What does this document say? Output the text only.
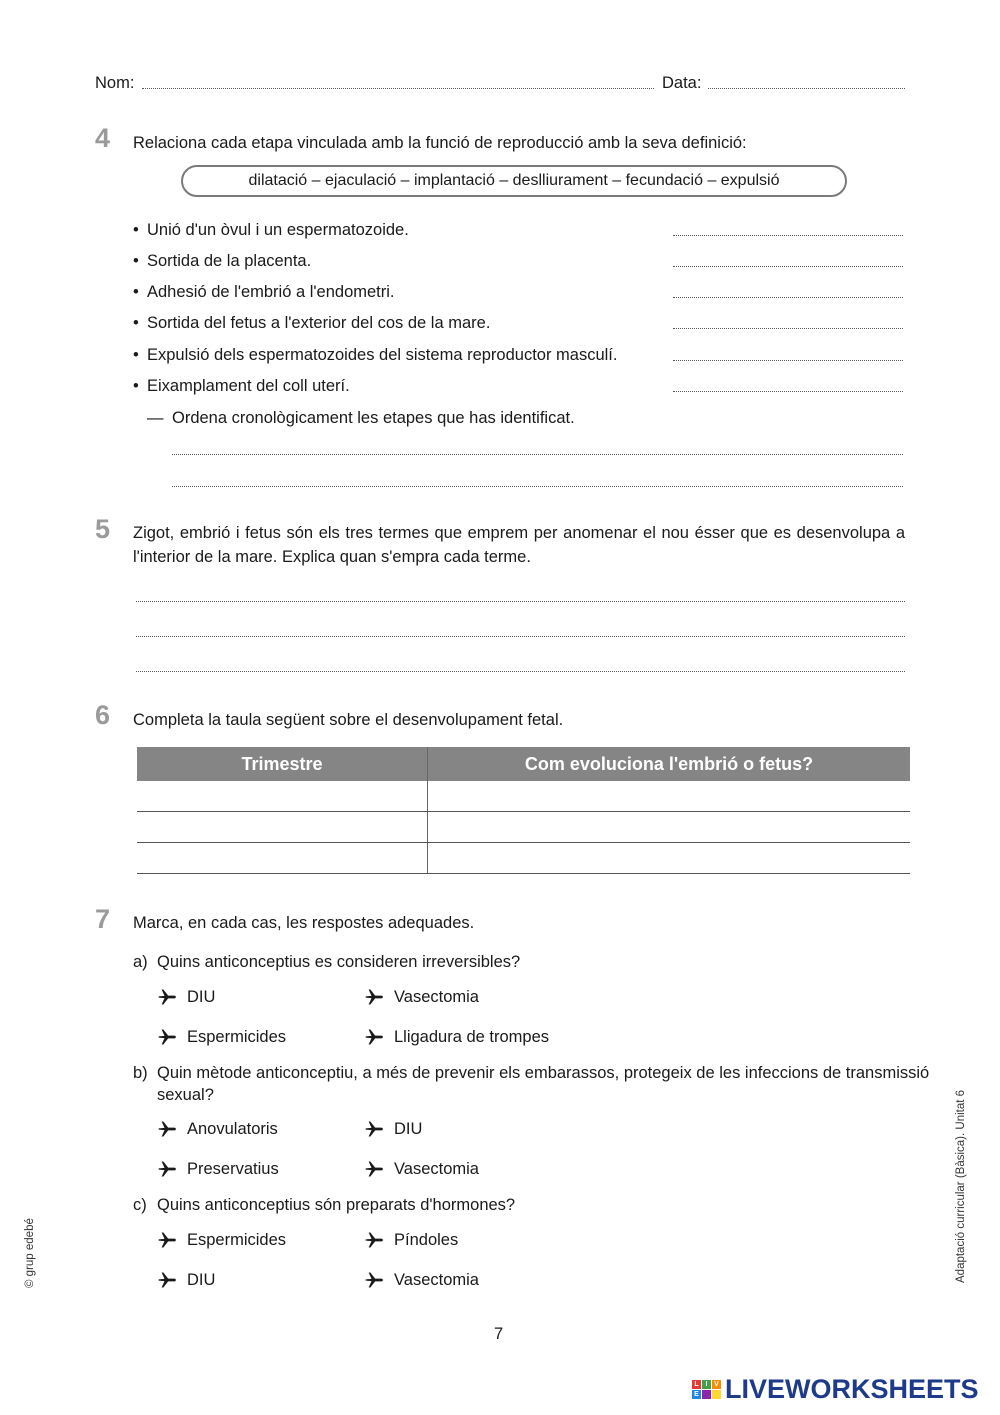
Nom:	Data:
4 Relaciona cada etapa vinculada amb la funció de reproducció amb la seva definició:
dilatació – ejaculació – implantació – deslliurament – fecundació – expulsió
• Unió d'un òvul i un espermatozoide.
• Sortida de la placenta.
• Adhesió de l'embrió a l'endometri.
• Sortida del fetus a l'exterior del cos de la mare.
• Expulsió dels espermatozoides del sistema reproductor masculí.
• Eixamplament del coll uterí.
— Ordena cronològicament les etapes que has identificat.
5 Zigot, embrió i fetus són els tres termes que emprem per anomenar el nou ésser que es desenvolupa a
l'interior de la mare. Explica quan s'empra cada terme.
6 Completa la taula següent sobre el desenvolupament fetal.
Trimestre	Com evoluciona l'embrió o fetus?

7 Marca, en cada cas, les respostes adequades.
a) Quins anticonceptius es consideren irreversibles?
DIU	Vasectomia
Espermicides	Lligadura de trompes
b) Quin mètode anticonceptiu, a més de prevenir els embarassos, protegeix de les infeccions de transmissió
sexual?
Anovulatoris	DIU
Preservatius	Vasectomia
c) Quins anticonceptius són preparats d'hormones?
Espermicides	Píndoles
DIU	Vasectomia
7
© grup edebé	Adaptació curricular (Bàsica). Unitat 6
L I V
E LIVEWORKSHEETS
